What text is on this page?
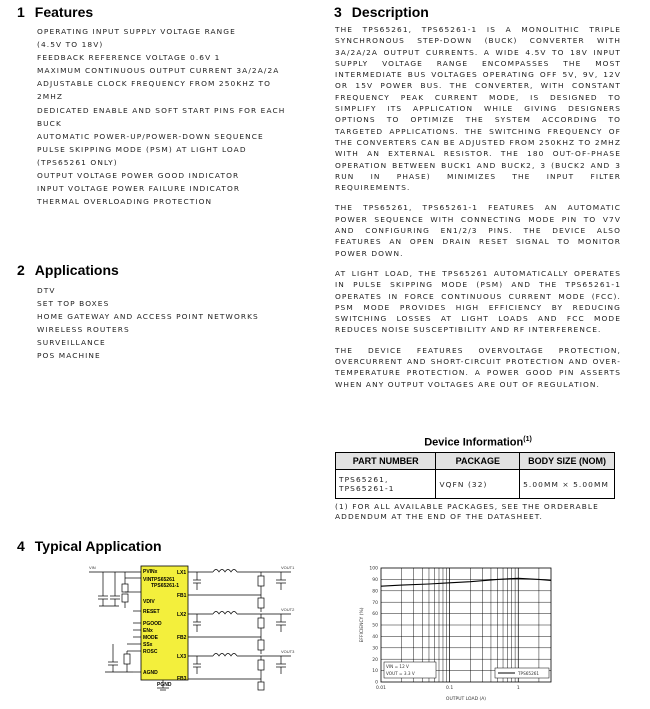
1 Features
OPERATING INPUT SUPPLY VOLTAGE RANGE
(4.5V TO 18V)
FEEDBACK REFERENCE VOLTAGE 0.6V 1
MAXIMUM CONTINUOUS OUTPUT CURRENT 3A/2A/2A
ADJUSTABLE CLOCK FREQUENCY FROM 250KHZ TO
2MHZ
DEDICATED ENABLE AND SOFT START PINS FOR EACH
BUCK
AUTOMATIC POWER-UP/POWER-DOWN SEQUENCE
PULSE SKIPPING MODE (PSM) AT LIGHT LOAD
(TPS65261 ONLY)
OUTPUT VOLTAGE POWER GOOD INDICATOR
INPUT VOLTAGE POWER FAILURE INDICATOR
THERMAL OVERLOADING PROTECTION
2 Applications
DTV
SET TOP BOXES
HOME GATEWAY AND ACCESS POINT NETWORKS
WIRELESS ROUTERS
SURVEILLANCE
POS MACHINE
3 Description

THE TPS65261, TPS65261-1 IS A MONOLITHIC TRIPLE SYNCHRONOUS STEP-DOWN (BUCK) CONVERTER WITH 3A/2A/2A OUTPUT CURRENTS. A WIDE 4.5V TO 18V INPUT SUPPLY VOLTAGE RANGE ENCOMPASSES THE MOST INTERMEDIATE BUS VOLTAGES OPERATING OFF 5V, 9V, 12V OR 15V POWER BUS. THE CONVERTER, WITH CONSTANT FREQUENCY PEAK CURRENT MODE, IS DESIGNED TO SIMPLIFY ITS APPLICATION WHILE GIVING DESIGNERS OPTIONS TO OPTIMIZE THE SYSTEM ACCORDING TO TARGETED APPLICATIONS. THE SWITCHING FREQUENCY OF THE CONVERTERS CAN BE ADJUSTED FROM 250KHZ TO 2MHZ WITH AN EXTERNAL RESISTOR. THE 180 OUT-OF-PHASE OPERATION BETWEEN BUCK1 AND BUCK2, 3 (BUCK2 AND 3 RUN IN PHASE) MINIMIZES THE INPUT FILTER REQUIREMENTS.

THE TPS65261, TPS65261-1 FEATURES AN AUTOMATIC POWER SEQUENCE WITH CONNECTING MODE PIN TO V7V AND CONFIGURING EN1/2/3 PINS. THE DEVICE ALSO FEATURES AN OPEN DRAIN RESET SIGNAL TO MONITOR POWER DOWN.

AT LIGHT LOAD, THE TPS65261 AUTOMATICALLY OPERATES IN PULSE SKIPPING MODE (PSM) AND THE TPS65261-1 OPERATES IN FORCE CONTINUOUS CURRENT MODE (FCC). PSM MODE PROVIDES HIGH EFFICIENCY BY REDUCING SWITCHING LOSSES AT LIGHT LOADS AND FCC MODE REDUCES NOISE SUSCEPTIBILITY AND RF INTERFERENCE.

THE DEVICE FEATURES OVERVOLTAGE PROTECTION, OVERCURRENT AND SHORT-CIRCUIT PROTECTION AND OVER-TEMPERATURE PROTECTION. A POWER GOOD PIN ASSERTS WHEN ANY OUTPUT VOLTAGES ARE OUT OF REGULATION.

Device Information$^{(1)}$
PART NUMBER	PACKAGE	BODY SIZE (NOM)

TPS65261,
TPS65261-1	VQFN (32)	5.00MM × 5.00MM
(1) FOR ALL AVAILABLE PACKAGES, SEE THE ORDERABLE ADDENDUM AT THE END OF THE DATASHEET.
4 Typical Application
PVINx
VIN TPS65261
TPS65261-1
VDIV
RESET
PGOOD
ENx
MODE
SSx
ROSC
AGND
LX1
FB1
LX2
FB2
LX3
FB3
PGND
VIN	VOUT1
VOUT2
VOUT3
100
90
80
70
60
50
40
30
20
10
0
0.01	0.1	1
OUTPUT LOAD (A)
EFFICIENCY (%)
VIN = 12 V
VOUT = 3.3 V	TPS65261
